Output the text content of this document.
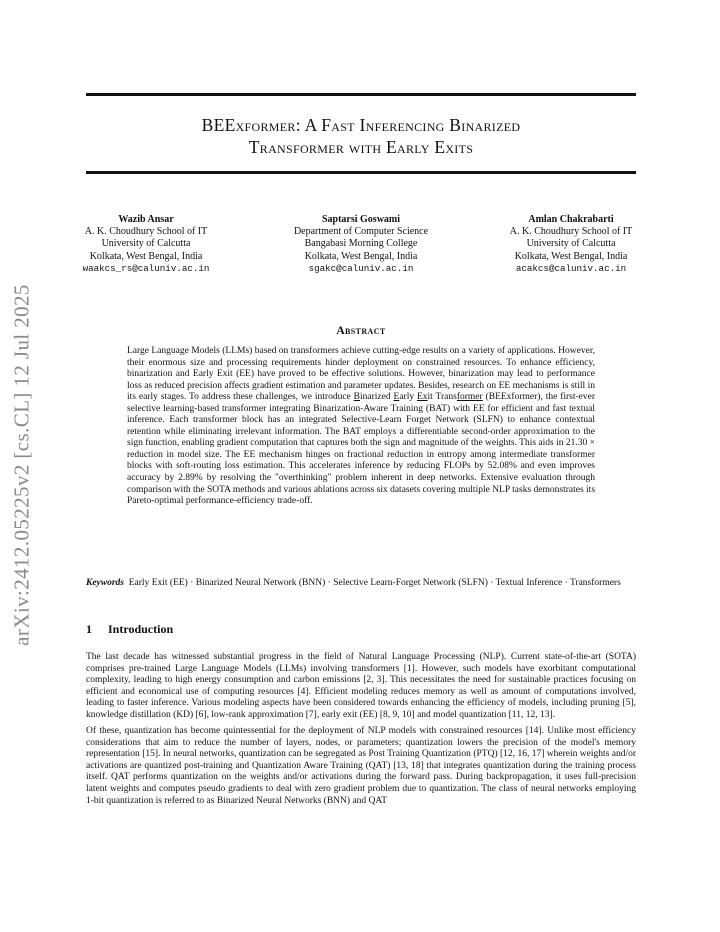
arXiv:2412.05225v2 [cs.CL] 12 Jul 2025
BEExformer: A Fast Inferencing Binarized
Transformer with Early Exits
Wazib Ansar
A. K. Choudhury School of IT
University of Calcutta
Kolkata, West Bengal, India
waakcs_rs@caluniv.ac.in
Saptarsi Goswami
Department of Computer Science
Bangabasi Morning College
Kolkata, West Bengal, India
sgakc@caluniv.ac.in
Amlan Chakrabarti
A. K. Choudhury School of IT
University of Calcutta
Kolkata, West Bengal, India
acakcs@caluniv.ac.in
Abstract
Large Language Models (LLMs) based on transformers achieve cutting-edge results on a variety of applications. However, their enormous size and processing requirements hinder deployment on constrained resources. To enhance efficiency, binarization and Early Exit (EE) have proved to be effective solutions. However, binarization may lead to performance loss as reduced precision affects gradient estimation and parameter updates. Besides, research on EE mechanisms is still in its early stages. To address these challenges, we introduce Binarized Early Exit Transformer (BEExformer), the first-ever selective learning-based transformer integrating Binarization-Aware Training (BAT) with EE for efficient and fast textual inference. Each transformer block has an integrated Selective-Learn Forget Network (SLFN) to enhance contextual retention while eliminating irrelevant information. The BAT employs a differentiable second-order approximation to the sign function, enabling gradient computation that captures both the sign and magnitude of the weights. This aids in 21.30 × reduction in model size. The EE mechanism hinges on fractional reduction in entropy among intermediate transformer blocks with soft-routing loss estimation. This accelerates inference by reducing FLOPs by 52.08% and even improves accuracy by 2.89% by resolving the "overthinking" problem inherent in deep networks. Extensive evaluation through comparison with the SOTA methods and various ablations across six datasets covering multiple NLP tasks demonstrates its Pareto-optimal performance-efficiency trade-off.
Keywords Early Exit (EE) · Binarized Neural Network (BNN) · Selective Learn-Forget Network (SLFN) · Textual Inference · Transformers
1 Introduction

The last decade has witnessed substantial progress in the field of Natural Language Processing (NLP). Current state-of-the-art (SOTA) comprises pre-trained Large Language Models (LLMs) involving transformers [1]. However, such models have exorbitant computational complexity, leading to high energy consumption and carbon emissions [2, 3]. This necessitates the need for sustainable practices focusing on efficient and economical use of computing resources [4]. Efficient modeling reduces memory as well as amount of computations involved, leading to faster inference. Various modeling aspects have been considered towards enhancing the efficiency of models, including pruning [5], knowledge distillation (KD) [6], low-rank approximation [7], early exit (EE) [8, 9, 10] and model quantization [11, 12, 13].

Of these, quantization has become quintessential for the deployment of NLP models with constrained resources [14]. Unlike most efficiency considerations that aim to reduce the number of layers, nodes, or parameters; quantization lowers the precision of the model's memory representation [15]. In neural networks, quantization can be segregated as Post Training Quantization (PTQ) [12, 16, 17] wherein weights and/or activations are quantized post-training and Quantization Aware Training (QAT) [13, 18] that integrates quantization during the training process itself. QAT performs quantization on the weights and/or activations during the forward pass. During backpropagation, it uses full-precision latent weights and computes pseudo gradients to deal with zero gradient problem due to quantization. The class of neural networks employing 1-bit quantization is referred to as Binarized Neural Networks (BNN) and QAT
